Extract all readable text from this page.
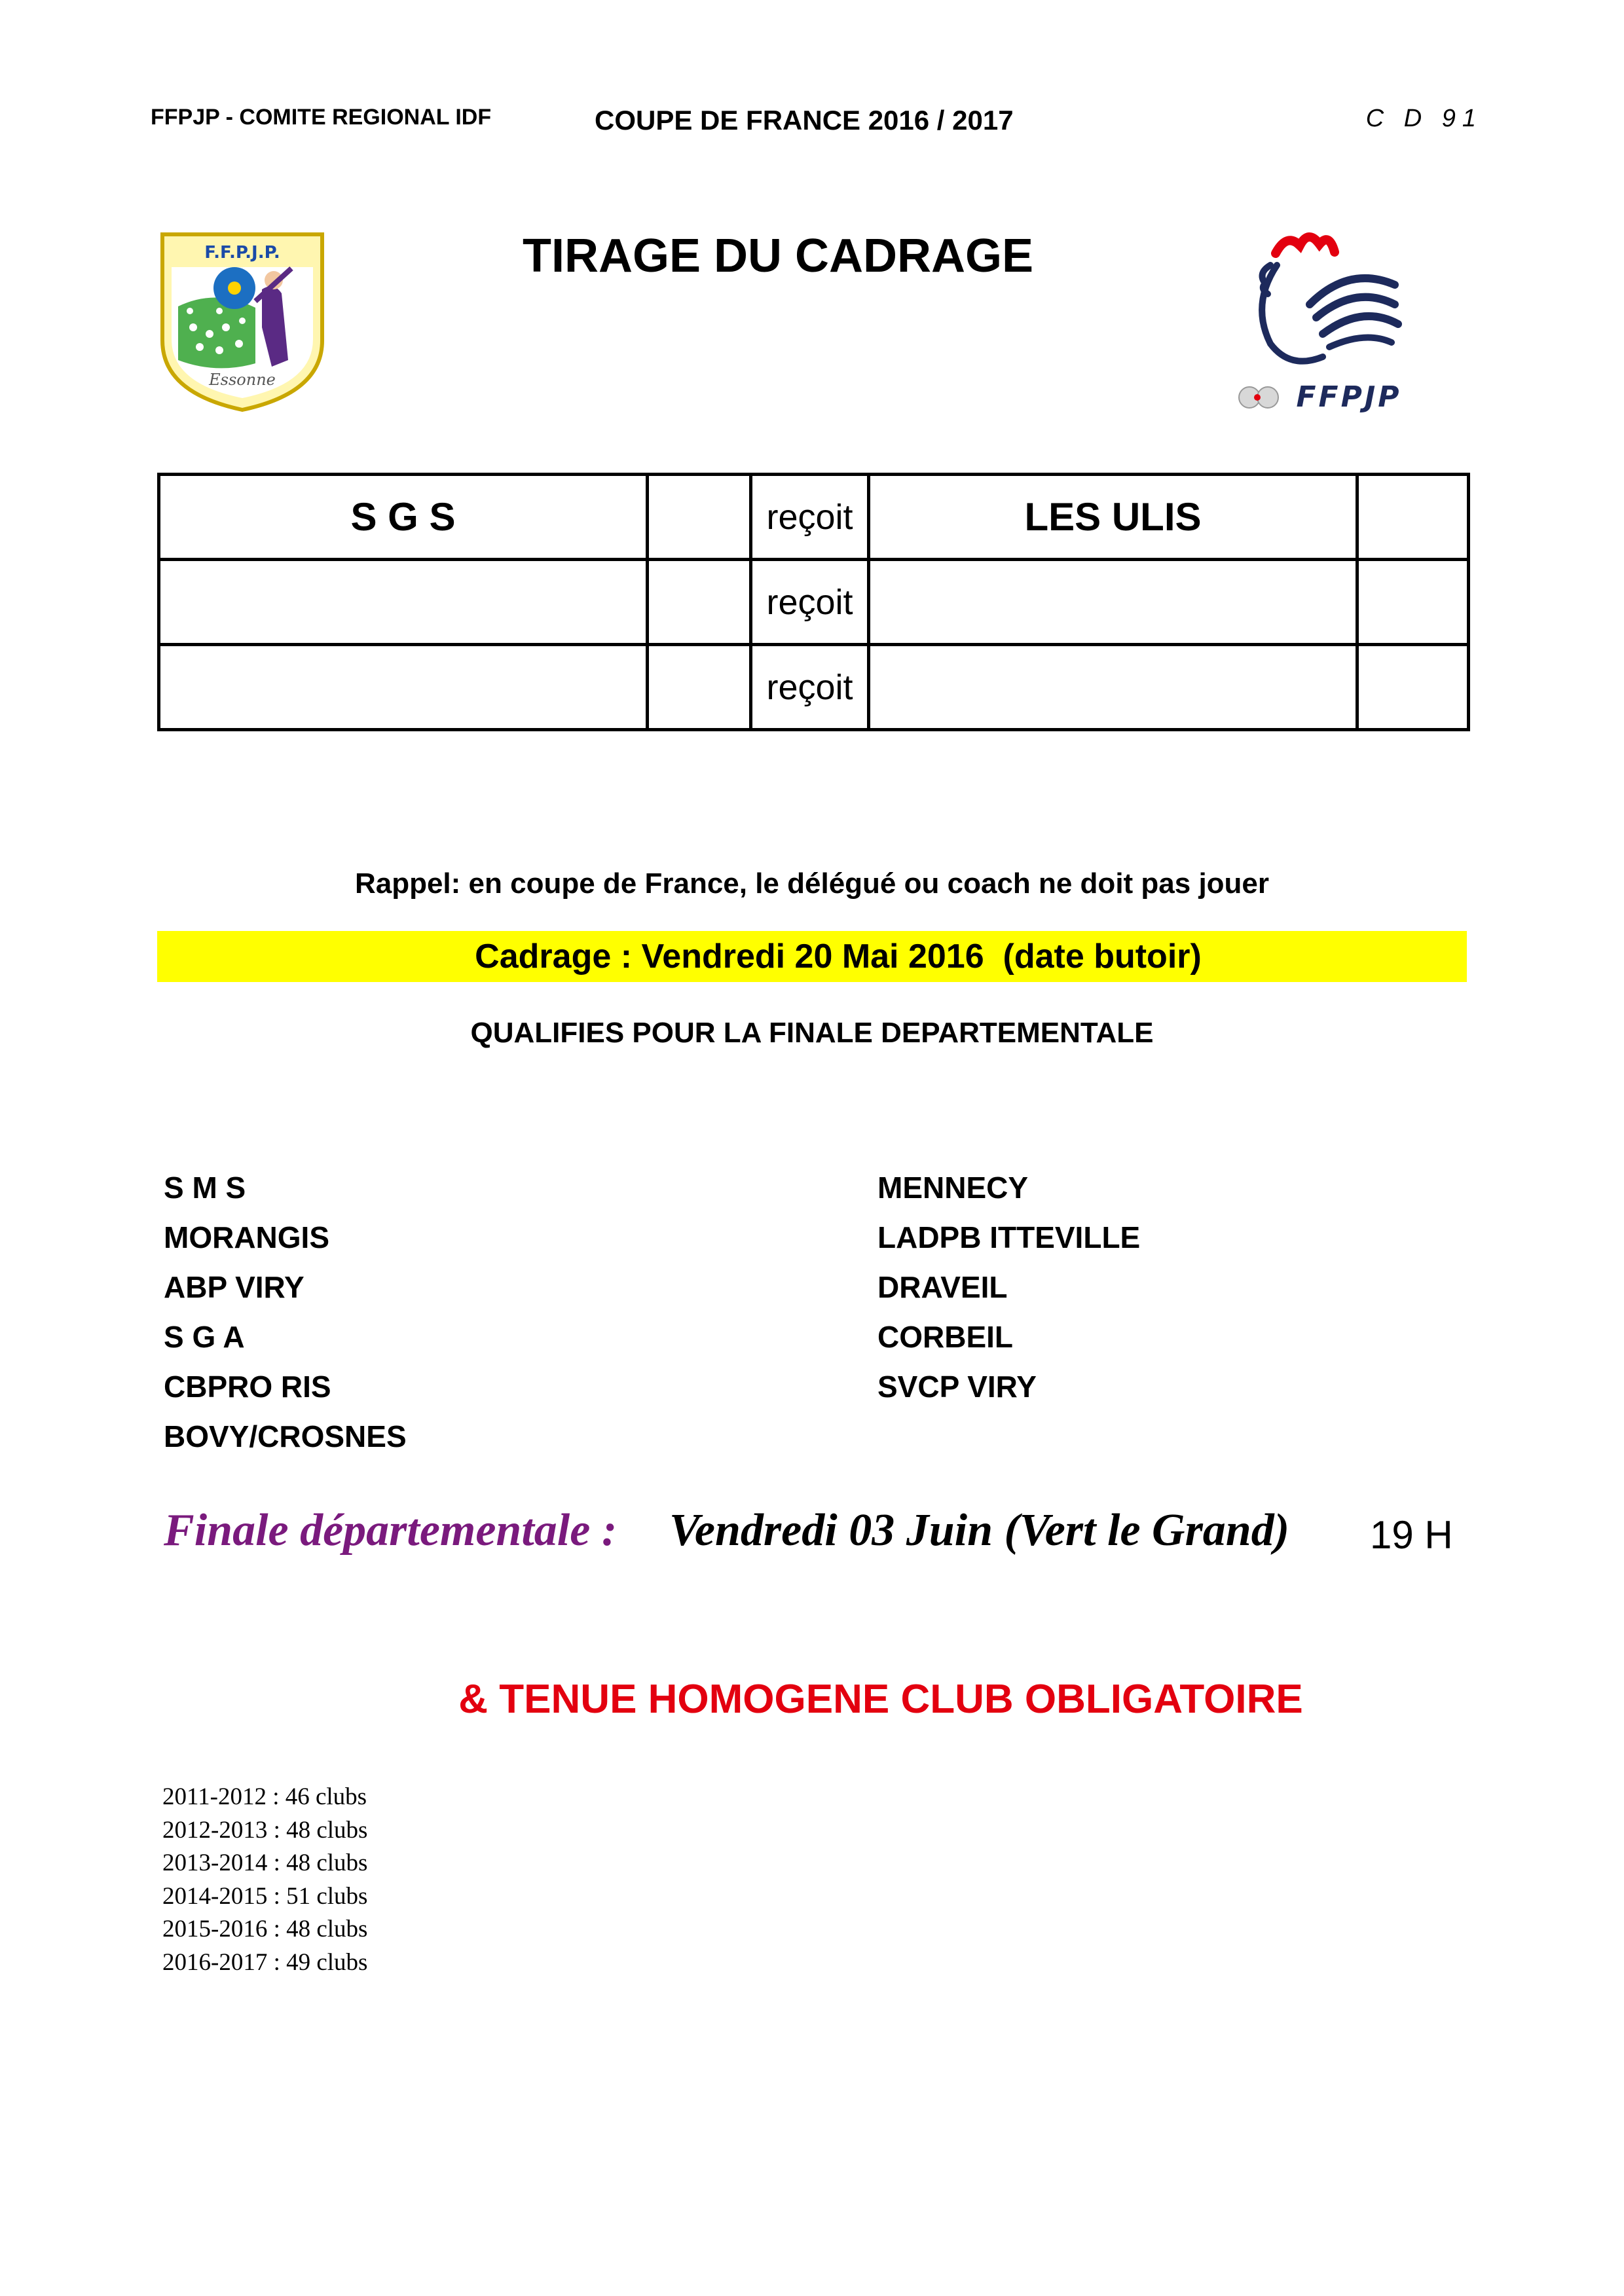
FFPJP - COMITE REGIONAL IDF	COUPE DE FRANCE 2016 / 2017	C D 91
F.F.P.J.P.
Essonne
TIRAGE DU CADRAGE
FFPJP
S G S		reçoit	LES ULIS	
		reçoit		
		reçoit		
Rappel: en coupe de France, le délégué ou coach ne doit pas jouer
Cadrage : Vendredi 20 Mai 2016  (date butoir)
QUALIFIES POUR LA FINALE DEPARTEMENTALE
S M S
MORANGIS
ABP VIRY
S G A
CBPRO RIS
BOVY/CROSNES
MENNECY
LADPB ITTEVILLE
DRAVEIL
CORBEIL
SVCP VIRY
Finale départementale : Vendredi 03 Juin (Vert le Grand) 19 H
& TENUE HOMOGENE CLUB OBLIGATOIRE
2011-2012 : 46 clubs
2012-2013 : 48 clubs
2013-2014 : 48 clubs
2014-2015 : 51 clubs
2015-2016 : 48 clubs
2016-2017 : 49 clubs
